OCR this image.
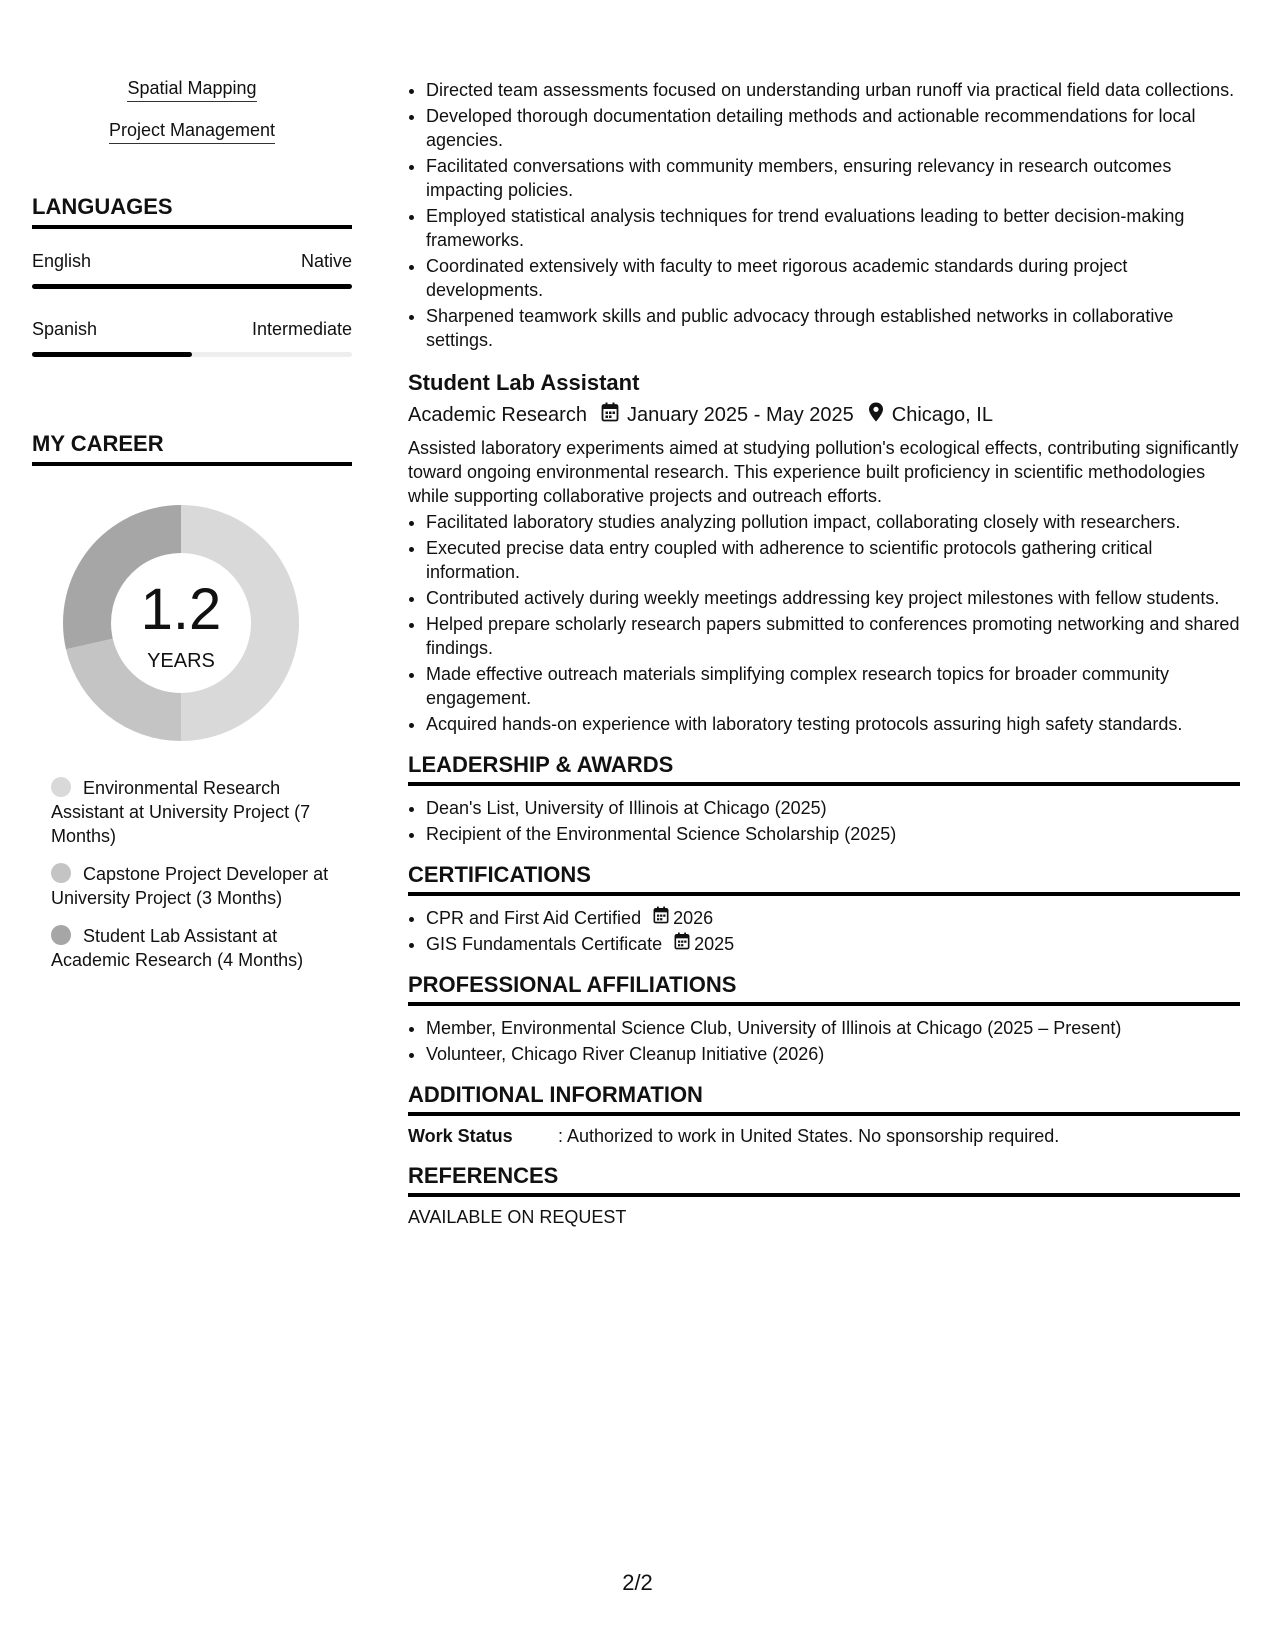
Spatial Mapping
Project Management
LANGUAGES
English	Native
Spanish	Intermediate
MY CAREER
1.2
YEARS
Environmental Research Assistant at University Project (7 Months)
Capstone Project Developer at University Project (3 Months)
Student Lab Assistant at Academic Research (4 Months)
• Directed team assessments focused on understanding urban runoff via practical field data collections.
• Developed thorough documentation detailing methods and actionable recommendations for local agencies.
• Facilitated conversations with community members, ensuring relevancy in research outcomes impacting policies.
• Employed statistical analysis techniques for trend evaluations leading to better decision-making frameworks.
• Coordinated extensively with faculty to meet rigorous academic standards during project developments.
• Sharpened teamwork skills and public advocacy through established networks in collaborative settings.
Student Lab Assistant
Academic Research January 2025 - May 2025 Chicago, IL

Assisted laboratory experiments aimed at studying pollution's ecological effects, contributing significantly toward ongoing environmental research. This experience built proficiency in scientific methodologies while supporting collaborative projects and outreach efforts.

• Facilitated laboratory studies analyzing pollution impact, collaborating closely with researchers.
• Executed precise data entry coupled with adherence to scientific protocols gathering critical information.
• Contributed actively during weekly meetings addressing key project milestones with fellow students.
• Helped prepare scholarly research papers submitted to conferences promoting networking and shared findings.
• Made effective outreach materials simplifying complex research topics for broader community engagement.
• Acquired hands-on experience with laboratory testing protocols assuring high safety standards.
LEADERSHIP & AWARDS
• Dean's List, University of Illinois at Chicago (2025)
• Recipient of the Environmental Science Scholarship (2025)
CERTIFICATIONS
• CPR and First Aid Certified 2026
• GIS Fundamentals Certificate 2025
PROFESSIONAL AFFILIATIONS
• Member, Environmental Science Club, University of Illinois at Chicago (2025 – Present)
• Volunteer, Chicago River Cleanup Initiative (2026)
ADDITIONAL INFORMATION
Work Status	: Authorized to work in United States. No sponsorship required.
REFERENCES
AVAILABLE ON REQUEST
2/2
